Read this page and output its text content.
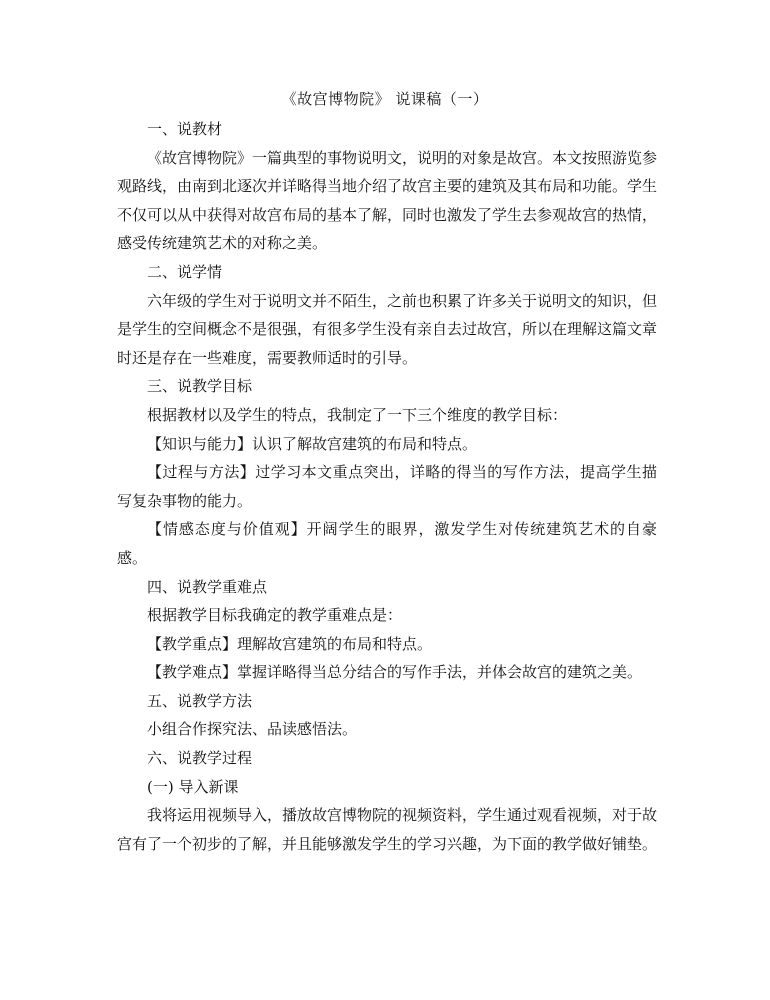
《故宫博物院》 说课稿（一）

一、说教材

《故宫博物院》一篇典型的事物说明文，说明的对象是故宫。本文按照游览参观路线，由南到北逐次并详略得当地介绍了故宫主要的建筑及其布局和功能。学生不仅可以从中获得对故宫布局的基本了解，同时也激发了学生去参观故宫的热情，感受传统建筑艺术的对称之美。

二、说学情

六年级的学生对于说明文并不陌生，之前也积累了许多关于说明文的知识，但是学生的空间概念不是很强，有很多学生没有亲自去过故宫，所以在理解这篇文章时还是存在一些难度，需要教师适时的引导。

三、说教学目标

根据教材以及学生的特点，我制定了一下三个维度的教学目标：

【知识与能力】认识了解故宫建筑的布局和特点。

【过程与方法】过学习本文重点突出，详略的得当的写作方法，提高学生描写复杂事物的能力。

【情感态度与价值观】开阔学生的眼界，激发学生对传统建筑艺术的自豪感。

四、说教学重难点

根据教学目标我确定的教学重难点是：

【教学重点】理解故宫建筑的布局和特点。

【教学难点】掌握详略得当总分结合的写作手法，并体会故宫的建筑之美。

五、说教学方法

小组合作探究法、品读感悟法。

六、说教学过程

(一) 导入新课

我将运用视频导入，播放故宫博物院的视频资料，学生通过观看视频，对于故宫有了一个初步的了解，并且能够激发学生的学习兴趣，为下面的教学做好铺垫。
